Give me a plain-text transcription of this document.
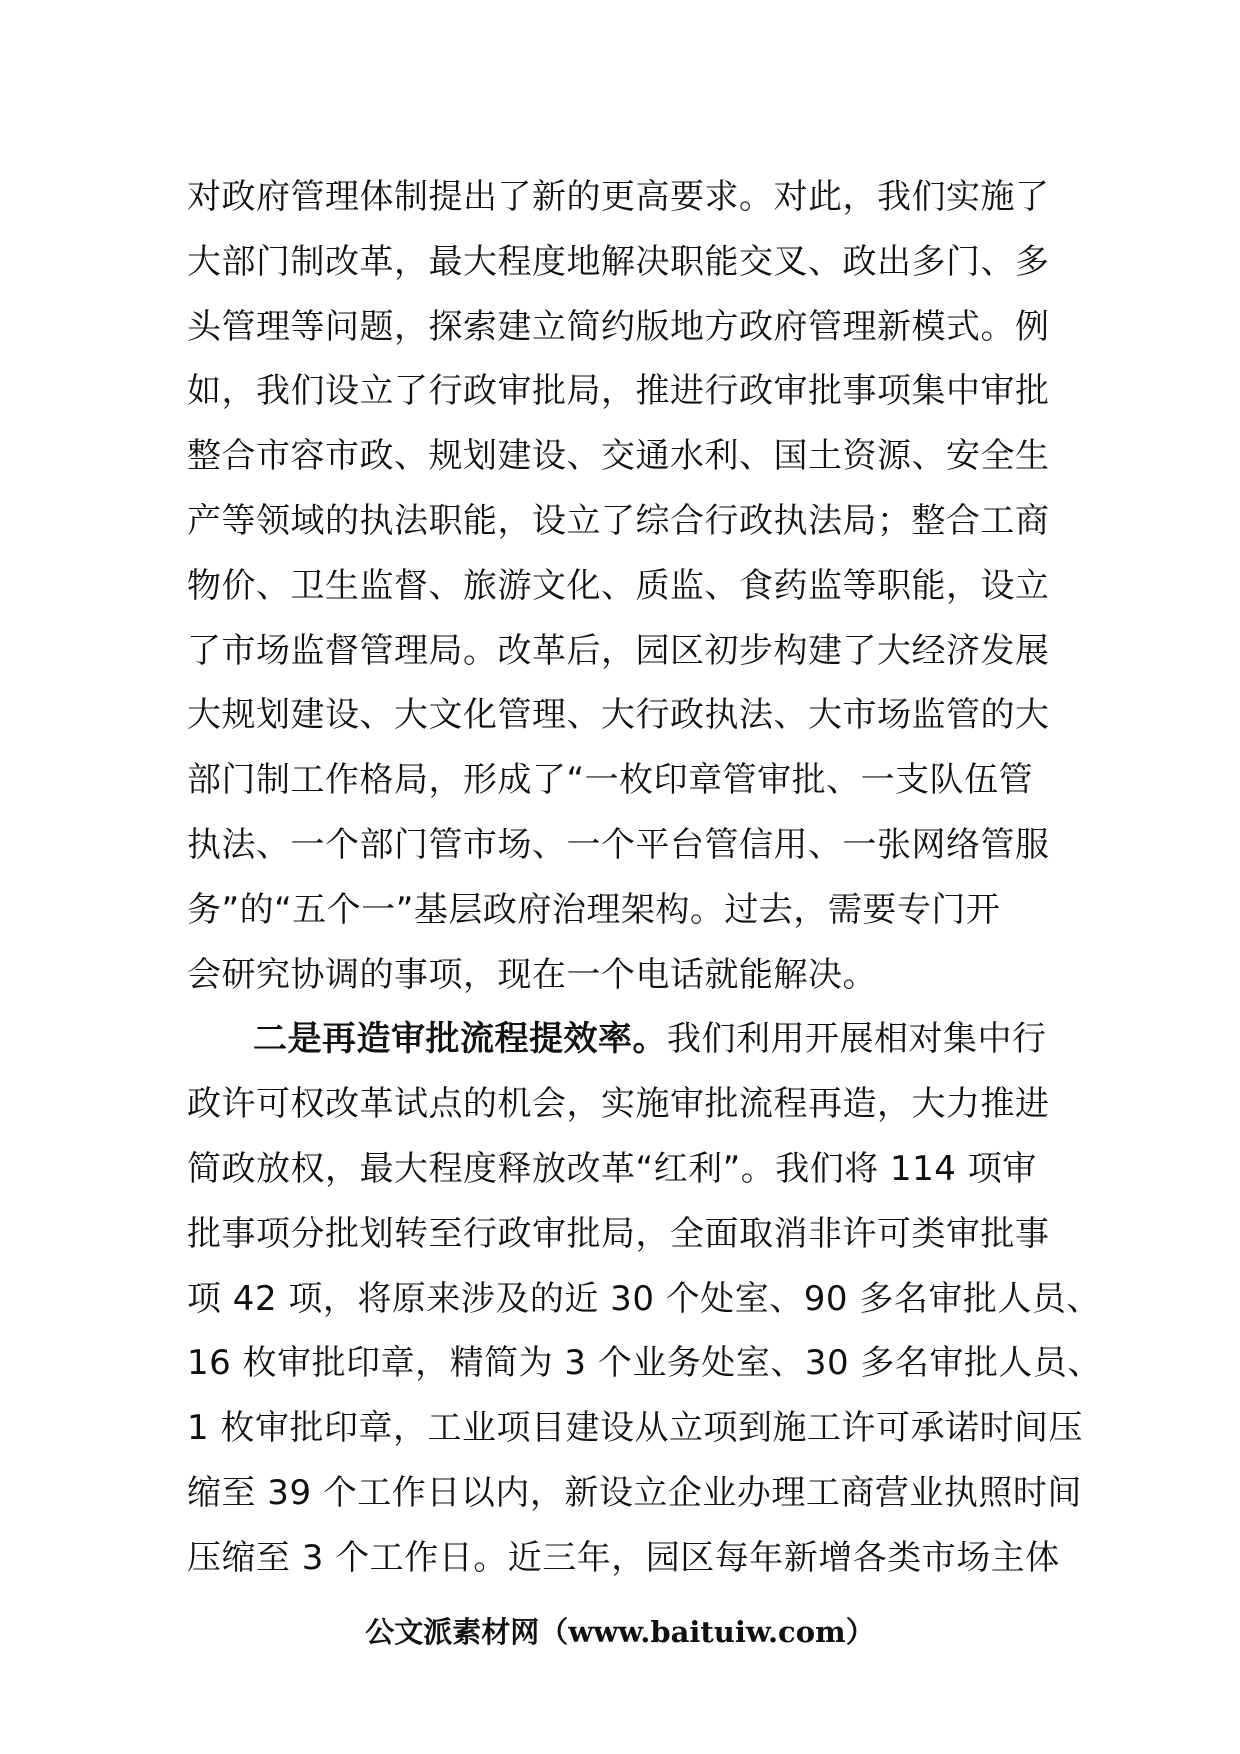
对政府管理体制提出了新的更高要求。对此，我们实施了
大部门制改革，最大程度地解决职能交叉、政出多门、多
头管理等问题，探索建立简约版地方政府管理新模式。例
如，我们设立了行政审批局，推进行政审批事项集中审批
整合市容市政、规划建设、交通水利、国土资源、安全生
产等领域的执法职能，设立了综合行政执法局；整合工商
物价、卫生监督、旅游文化、质监、食药监等职能，设立
了市场监督管理局。改革后，园区初步构建了大经济发展
大规划建设、大文化管理、大行政执法、大市场监管的大
部门制工作格局，形成了“一枚印章管审批、一支队伍管
执法、一个部门管市场、一个平台管信用、一张网络管服
务”的“五个一”基层政府治理架构。过去，需要专门开
会研究协调的事项，现在一个电话就能解决。
二是再造审批流程提效率。我们利用开展相对集中行
政许可权改革试点的机会，实施审批流程再造，大力推进
简政放权，最大程度释放改革“红利”。我们将 114 项审
批事项分批划转至行政审批局，全面取消非许可类审批事
项 42 项，将原来涉及的近 30 个处室、90 多名审批人员、
16 枚审批印章，精简为 3 个业务处室、30 多名审批人员、
1 枚审批印章，工业项目建设从立项到施工许可承诺时间压
缩至 39 个工作日以内，新设立企业办理工商营业执照时间
压缩至 3 个工作日。近三年，园区每年新增各类市场主体
公文派素材网（www.baituiw.com）
